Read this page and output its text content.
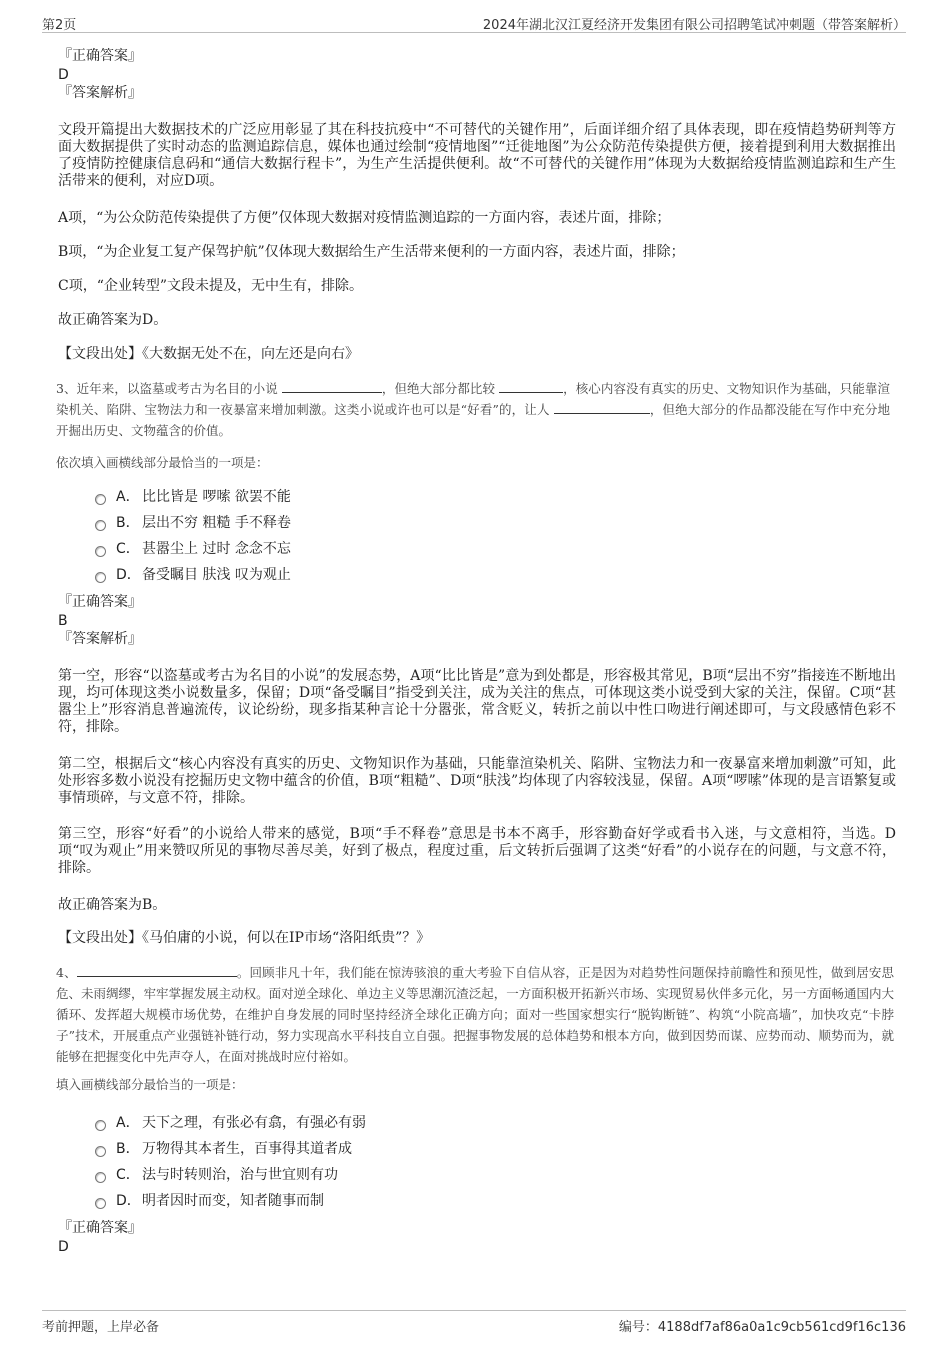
第2页	2024年湖北汉江夏经济开发集团有限公司招聘笔试冲刺题（带答案解析）
『正确答案』
D
『答案解析』

文段开篇提出大数据技术的广泛应用彰显了其在科技抗疫中“不可替代的关键作用”，后面详细介绍了具体表现，即在疫情趋势研判等方面大数据提供了实时动态的监测追踪信息，媒体也通过绘制“疫情地图”“迁徙地图”为公众防范传染提供方便，接着提到利用大数据推出了疫情防控健康信息码和“通信大数据行程卡”，为生产生活提供便利。故“不可替代的关键作用”体现为大数据给疫情监测追踪和生产生活带来的便利，对应D项。

A项，“为公众防范传染提供了方便”仅体现大数据对疫情监测追踪的一方面内容，表述片面，排除；

B项，“为企业复工复产保驾护航”仅体现大数据给生产生活带来便利的一方面内容，表述片面，排除；

C项，“企业转型”文段未提及，无中生有，排除。

故正确答案为D。

【文段出处】《大数据无处不在，向左还是向右》

3、近年来，以盗墓或考古为名目的小说	，但绝大部分都比较	，核心内容没有真实的历史、文物知识作为基础，只能靠渲染机关、陷阱、宝物法力和一夜暴富来增加刺激。这类小说或许也可以是“好看”的，让人	，但绝大部分的作品都没能在写作中充分地开掘出历史、文物蕴含的价值。

依次填入画横线部分最恰当的一项是：

A． 比比皆是 啰嗦 欲罢不能
B． 层出不穷 粗糙 手不释卷
C． 甚嚣尘上 过时 念念不忘
D． 备受瞩目 肤浅 叹为观止
『正确答案』
B
『答案解析』

第一空，形容“以盗墓或考古为名目的小说”的发展态势，A项“比比皆是”意为到处都是，形容极其常见，B项“层出不穷”指接连不断地出现，均可体现这类小说数量多，保留；D项“备受瞩目”指受到关注，成为关注的焦点，可体现这类小说受到大家的关注，保留。C项“甚嚣尘上”形容消息普遍流传，议论纷纷，现多指某种言论十分嚣张，常含贬义，转折之前以中性口吻进行阐述即可，与文段感情色彩不符，排除。

第二空，根据后文“核心内容没有真实的历史、文物知识作为基础，只能靠渲染机关、陷阱、宝物法力和一夜暴富来增加刺激”可知，此处形容多数小说没有挖掘历史文物中蕴含的价值，B项“粗糙”、D项“肤浅”均体现了内容较浅显，保留。A项“啰嗦”体现的是言语繁复或事情琐碎，与文意不符，排除。

第三空，形容“好看”的小说给人带来的感觉，B项“手不释卷”意思是书本不离手，形容勤奋好学或看书入迷，与文意相符，当选。D项“叹为观止”用来赞叹所见的事物尽善尽美，好到了极点，程度过重，后文转折后强调了这类“好看”的小说存在的问题，与文意不符，排除。

故正确答案为B。

【文段出处】《马伯庸的小说，何以在IP市场“洛阳纸贵”？》

4、	。回顾非凡十年，我们能在惊涛骇浪的重大考验下自信从容，正是因为对趋势性问题保持前瞻性和预见性，做到居安思危、未雨绸缪，牢牢掌握发展主动权。面对逆全球化、单边主义等思潮沉渣泛起，一方面积极开拓新兴市场、实现贸易伙伴多元化，另一方面畅通国内大循环、发挥超大规模市场优势，在维护自身发展的同时坚持经济全球化正确方向；面对一些国家想实行“脱钩断链”、构筑“小院高墙”，加快攻克“卡脖子”技术，开展重点产业强链补链行动，努力实现高水平科技自立自强。把握事物发展的总体趋势和根本方向，做到因势而谋、应势而动、顺势而为，就能够在把握变化中先声夺人，在面对挑战时应付裕如。

填入画横线部分最恰当的一项是：

A． 天下之理，有张必有翕，有强必有弱
B． 万物得其本者生，百事得其道者成
C． 法与时转则治，治与世宜则有功
D． 明者因时而变，知者随事而制
『正确答案』
D
考前押题，上岸必备	编号：4188df7af86a0a1c9cb561cd9f16c136
